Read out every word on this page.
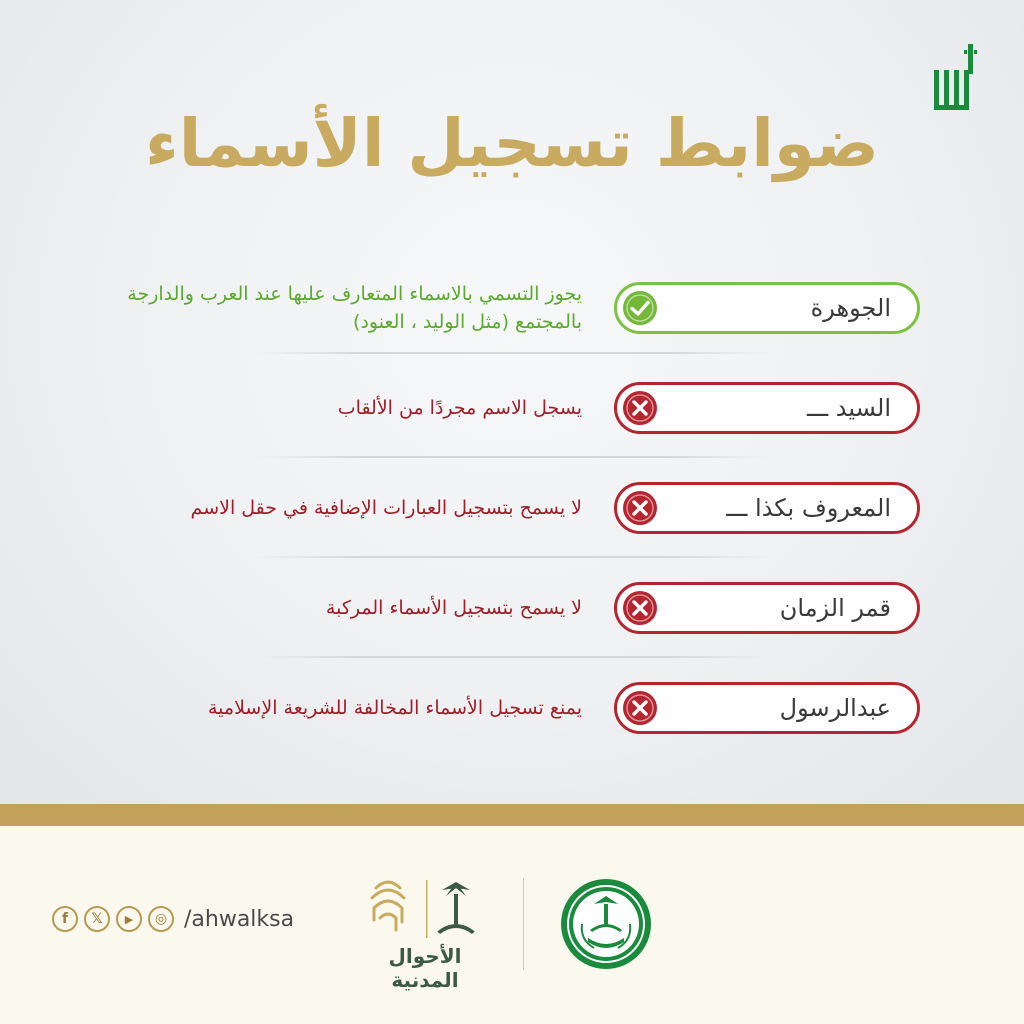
ضوابط تسجيل الأسماء
الجوهرة
يجوز التسمي بالاسماء المتعارف عليها عند العرب والدارجة بالمجتمع (مثل الوليد ، العنود)
السيد ـــ
يسجل الاسم مجردًا من الألقاب
المعروف بكذا ـــ
لا يسمح بتسجيل العبارات الإضافية في حقل الاسم
قمر الزمان
لا يسمح بتسجيل الأسماء المركبة
عبدالرسول
يمنع تسجيل الأسماء المخالفة للشريعة الإسلامية
f	𝕏	▶	◎ /ahwalksa
الأحوال المدنية
